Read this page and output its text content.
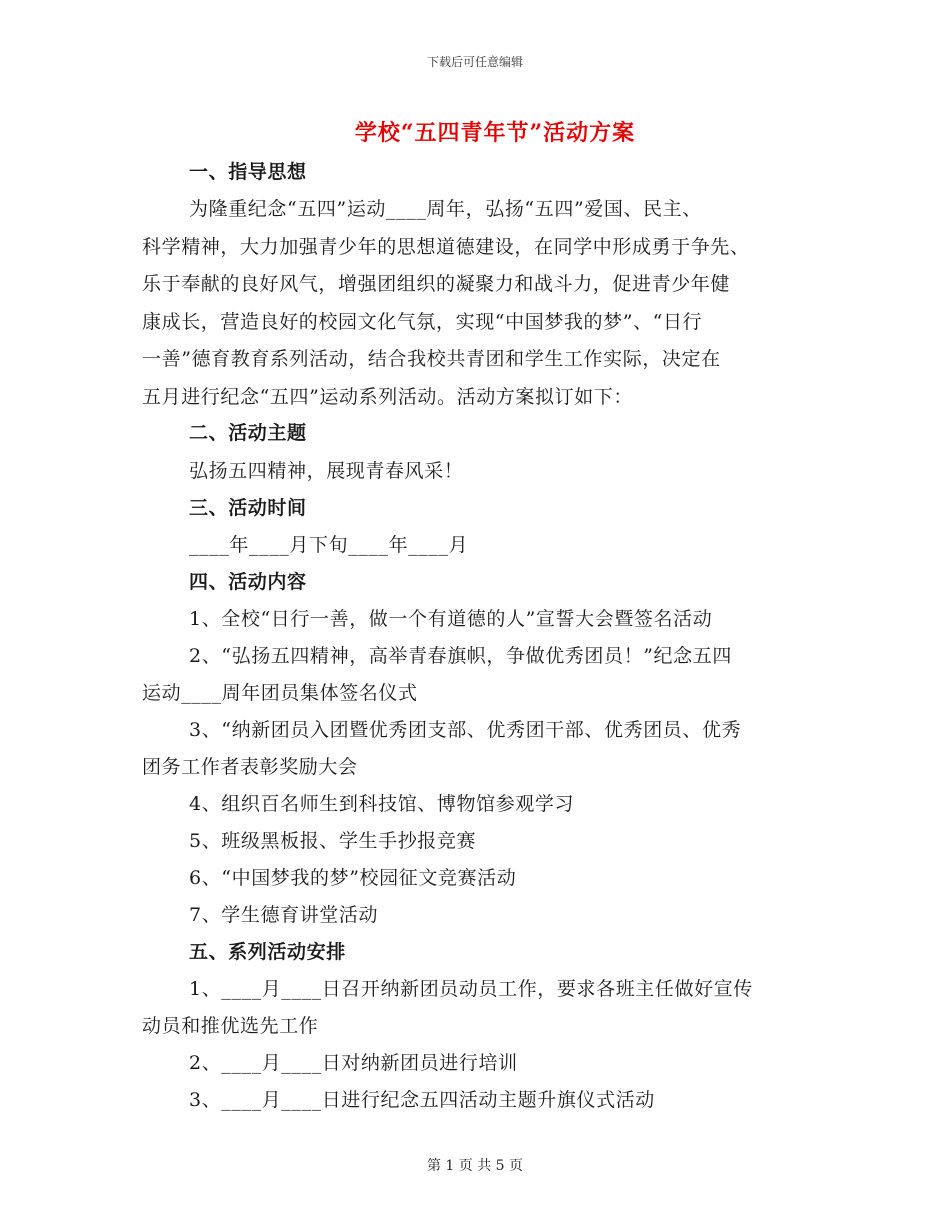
下载后可任意编辑
学校“五四青年节”活动方案
一、指导思想
为隆重纪念“五四”运动____周年，弘扬“五四”爱国、民主、
科学精神，大力加强青少年的思想道德建设，在同学中形成勇于争先、
乐于奉献的良好风气，增强团组织的凝聚力和战斗力，促进青少年健
康成长，营造良好的校园文化气氛，实现“中国梦我的梦”、“日行
一善”德育教育系列活动，结合我校共青团和学生工作实际，决定在
五月进行纪念“五四”运动系列活动。活动方案拟订如下：
二、活动主题
弘扬五四精神，展现青春风采！
三、活动时间
____年____月下旬____年____月
四、活动内容
1、全校“日行一善，做一个有道德的人”宣誓大会暨签名活动
2、“弘扬五四精神，高举青春旗帜，争做优秀团员！”纪念五四
运动____周年团员集体签名仪式
3、“纳新团员入团暨优秀团支部、优秀团干部、优秀团员、优秀
团务工作者表彰奖励大会
4、组织百名师生到科技馆、博物馆参观学习
5、班级黑板报、学生手抄报竞赛
6、“中国梦我的梦”校园征文竞赛活动
7、学生德育讲堂活动
五、系列活动安排
1、____月____日召开纳新团员动员工作，要求各班主任做好宣传
动员和推优选先工作
2、____月____日对纳新团员进行培训
3、____月____日进行纪念五四活动主题升旗仪式活动
第 1 页 共 5 页
